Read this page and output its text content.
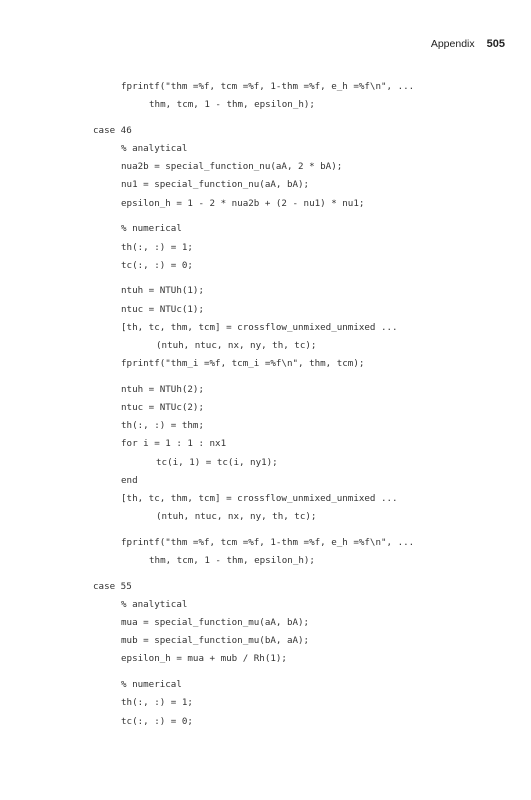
Appendix 505
fprintf("thm =%f, tcm =%f, 1-thm =%f, e_h =%f\n", ...
thm, tcm, 1 - thm, epsilon_h);
case 46
% analytical
nua2b = special_function_nu(aA, 2 * bA);
nu1 = special_function_nu(aA, bA);
epsilon_h = 1 - 2 * nua2b + (2 - nu1) * nu1;
% numerical
th(:, :) = 1;
tc(:, :) = 0;
ntuh = NTUh(1);
ntuc = NTUc(1);
[th, tc, thm, tcm] = crossflow_unmixed_unmixed ...
(ntuh, ntuc, nx, ny, th, tc);
fprintf("thm_i =%f, tcm_i =%f\n", thm, tcm);
ntuh = NTUh(2);
ntuc = NTUc(2);
th(:, :) = thm;
for i = 1 : 1 : nx1
tc(i, 1) = tc(i, ny1);
end
[th, tc, thm, tcm] = crossflow_unmixed_unmixed ...
(ntuh, ntuc, nx, ny, th, tc);
fprintf("thm =%f, tcm =%f, 1-thm =%f, e_h =%f\n", ...
thm, tcm, 1 - thm, epsilon_h);
case 55
% analytical
mua = special_function_mu(aA, bA);
mub = special_function_mu(bA, aA);
epsilon_h = mua + mub / Rh(1);
% numerical
th(:, :) = 1;
tc(:, :) = 0;
